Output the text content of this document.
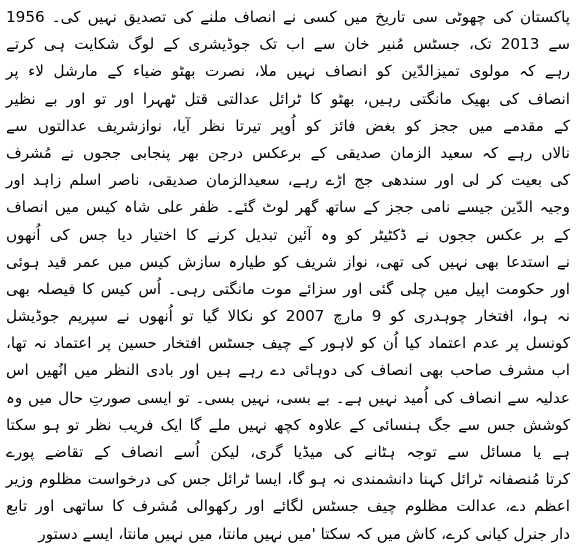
پاکستان کی چھوٹی سی تاریخ میں کسی نے انصاف ملنے کی تصدیق نہیں کی۔ 1956
سے 2013 تک، جسٹس مُنیر خان سے اب تک جوڈیشری کے لوگ شکایت ہی کرتے
رہے کہ مولوی تمیزالدّین کو انصاف نہیں ملا، نصرت بھٹو ضیاء کے مارشل لاء پر
انصاف کی بھیک مانگتی رہیں، بھٹو کا ٹرائل عدالتی قتل ٹھہرا اور تو اور بے نظیر
کے مقدمے میں ججز کو بغض فائز کو اُوپر تیرتا نظر آیا، نوازشریف عدالتوں سے
نالاں رہے کہ سعید الزمان صدیقی کے برعکس درجن بھر پنجابی ججوں نے مُشرف
کی بعیت کر لی اور سندھی جج اڑے رہے، سعیدالزمان صدیقی، ناصر اسلم زاہد اور
وجیہ الدّین جیسے نامی ججز کے ساتھ گھر لوٹ گئے۔ ظفر علی شاہ کیس میں انصاف
کے بر عکس ججوں نے ڈکٹیٹر کو وہ آئین تبدیل کرنے کا اختیار دیا جس کی اُنھوں
نے استدعا بھی نہیں کی تھی، نواز شریف کو طیارہ سازش کیس میں عمر قید ہوئی
اور حکومت اپیل میں چلی گئی اور سزائے موت مانگتی رہی۔ اُس کیس کا فیصلہ بھی
نہ ہوا، افتخار چوہدری کو 9 مارچ 2007 کو نکالا گیا تو اُنھوں نے سپریم جوڈیشل
کونسل پر عدم اعتماد کیا اُن کو لاہور کے چیف جسٹس افتخار حسین پر اعتماد نہ تھا،
اب مشرف صاحب بھی انصاف کی دوہائی دے رہے ہیں اور بادی النظر میں انُھیں اس
عدلیہ سے انصاف کی اُمید نہیں ہے۔ بے بسی، نہیں بسی۔ تو ایسی صورتِ حال میں وہ
کوشش جس سے جگ ہنسائی کے علاوہ کچھ نہیں ملے گا ایک فریب نظر تو ہو سکتا
ہے یا مسائل سے توجہ ہٹانے کی میڈیا گری، لیکن اُسے انصاف کے تقاضے پورے
کرتا مُنصفانہ ٹرائل کہنا دانشمندی نہ ہو گا، ایسا ٹرائل جس کی درخواست مظلوم وزیر
اعظم دے، عدالت مظلوم چیف جسٹس لگائے اور رکھوالی مُشرف کا ساتھی اور تابع
دار جنرل کیانی کرے، کاش میں کہ سکتا 'میں نہیں مانتا، میں نہیں مانتا، ایسے دستور
